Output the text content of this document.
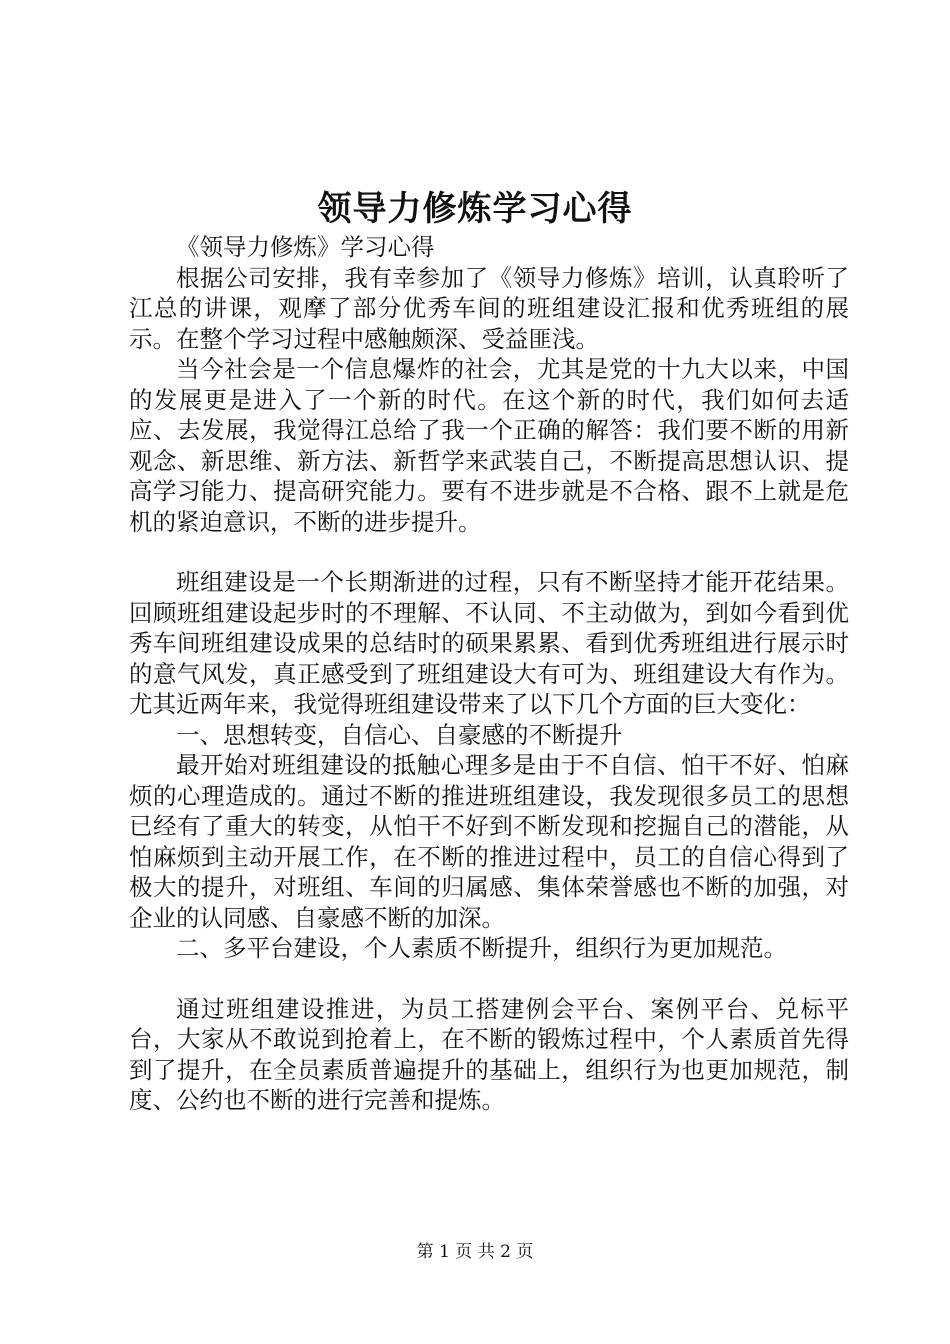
领导力修炼学习心得

《领导力修炼》学习心得

根据公司安排，我有幸参加了《领导力修炼》培训，认真聆听了江总的讲课，观摩了部分优秀车间的班组建设汇报和优秀班组的展示。在整个学习过程中感触颇深、受益匪浅。

当今社会是一个信息爆炸的社会，尤其是党的十九大以来，中国的发展更是进入了一个新的时代。在这个新的时代，我们如何去适应、去发展，我觉得江总给了我一个正确的解答：我们要不断的用新观念、新思维、新方法、新哲学来武装自己，不断提高思想认识、提高学习能力、提高研究能力。要有不进步就是不合格、跟不上就是危机的紧迫意识，不断的进步提升。

班组建设是一个长期渐进的过程，只有不断坚持才能开花结果。回顾班组建设起步时的不理解、不认同、不主动做为，到如今看到优秀车间班组建设成果的总结时的硕果累累、看到优秀班组进行展示时的意气风发，真正感受到了班组建设大有可为、班组建设大有作为。尤其近两年来，我觉得班组建设带来了以下几个方面的巨大变化：

一、思想转变，自信心、自豪感的不断提升

最开始对班组建设的抵触心理多是由于不自信、怕干不好、怕麻烦的心理造成的。通过不断的推进班组建设，我发现很多员工的思想已经有了重大的转变，从怕干不好到不断发现和挖掘自己的潜能，从怕麻烦到主动开展工作，在不断的推进过程中，员工的自信心得到了极大的提升，对班组、车间的归属感、集体荣誉感也不断的加强，对企业的认同感、自豪感不断的加深。

二、多平台建设，个人素质不断提升，组织行为更加规范。

通过班组建设推进，为员工搭建例会平台、案例平台、兑标平台，大家从不敢说到抢着上，在不断的锻炼过程中，个人素质首先得到了提升，在全员素质普遍提升的基础上，组织行为也更加规范，制度、公约也不断的进行完善和提炼。

第 1 页 共 2 页
